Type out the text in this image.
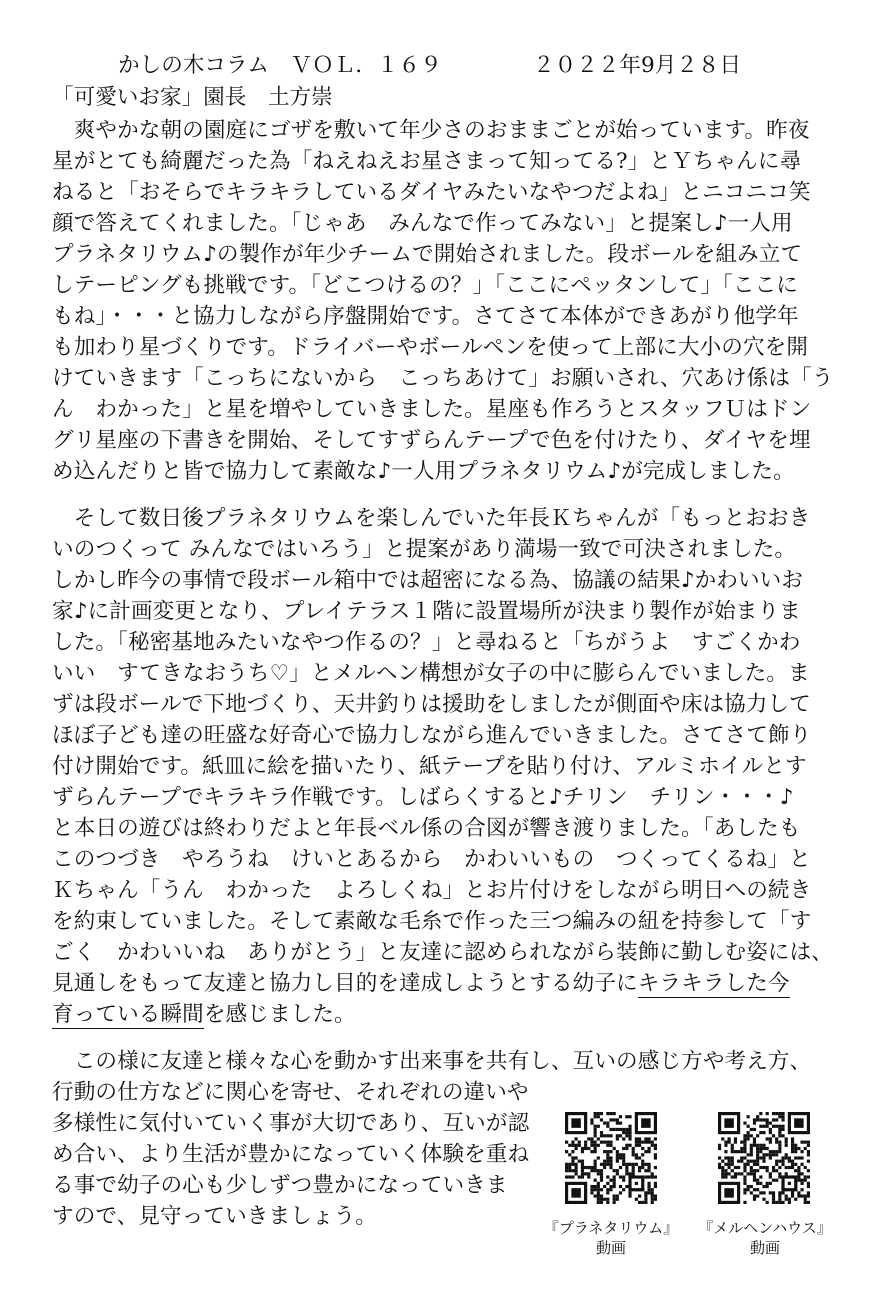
かしの木コラム　ＶＯＬ．１６９	２０２２年9月２８日
「可愛いお家」園長　土方崇
　爽やかな朝の園庭にゴザを敷いて年少さのおままごとが始っています。昨夜
星がとても綺麗だった為「ねえねえお星さまって知ってる?」とＹちゃんに尋
ねると「おそらでキラキラしているダイヤみたいなやつだよね」とニコニコ笑
顔で答えてくれました。「じゃあ　みんなで作ってみない」と提案し♪一人用
プラネタリウム♪の製作が年少チームで開始されました。段ボールを組み立て
しテーピングも挑戦です。「どこつけるの？」「ここにペッタンして」「ここに
もね」・・・と協力しながら序盤開始です。さてさて本体ができあがり他学年
も加わり星づくりです。ドライバーやボールペンを使って上部に大小の穴を開
けていきます「こっちにないから　こっちあけて」お願いされ、穴あけ係は「う
ん　わかった」と星を増やしていきました。星座も作ろうとスタッフＵはドン
グリ星座の下書きを開始、そしてすずらんテープで色を付けたり、ダイヤを埋
め込んだりと皆で協力して素敵な♪一人用プラネタリウム♪が完成しました。
　そして数日後プラネタリウムを楽しんでいた年長Ｋちゃんが「もっとおおき
いのつくって みんなではいろう」と提案があり満場一致で可決されました。
しかし昨今の事情で段ボール箱中では超密になる為、協議の結果♪かわいいお
家♪に計画変更となり、プレイテラス１階に設置場所が決まり製作が始まりま
した。「秘密基地みたいなやつ作るの？」と尋ねると「ちがうよ　すごくかわ
いい　すてきなおうち♡」とメルヘン構想が女子の中に膨らんでいました。ま
ずは段ボールで下地づくり、天井釣りは援助をしましたが側面や床は協力して
ほぼ子ども達の旺盛な好奇心で協力しながら進んでいきました。さてさて飾り
付け開始です。紙皿に絵を描いたり、紙テープを貼り付け、アルミホイルとす
ずらんテープでキラキラ作戦です。しばらくすると♪チリン　チリン・・・♪
と本日の遊びは終わりだよと年長ベル係の合図が響き渡りました。「あしたも
このつづき　やろうね　けいとあるから　かわいいもの　つくってくるね」と
Ｋちゃん「うん　わかった　よろしくね」とお片付けをしながら明日への続き
を約束していました。そして素敵な毛糸で作った三つ編みの紐を持参して「す
ごく　かわいいね　ありがとう」と友達に認められながら装飾に勤しむ姿には、
見通しをもって友達と協力し目的を達成しようとする幼子にキラキラした今
育っている瞬間を感じました。
　この様に友達と様々な心を動かす出来事を共有し、互いの感じ方や考え方、
行動の仕方などに関心を寄せ、それぞれの違いや
多様性に気付いていく事が大切であり、互いが認
め合い、より生活が豊かになっていく体験を重ね
る事で幼子の心も少しずつ豊かになっていきま
すので、見守っていきましょう。	『プラネタリウム』
動画
『メルヘンハウス』
動画
